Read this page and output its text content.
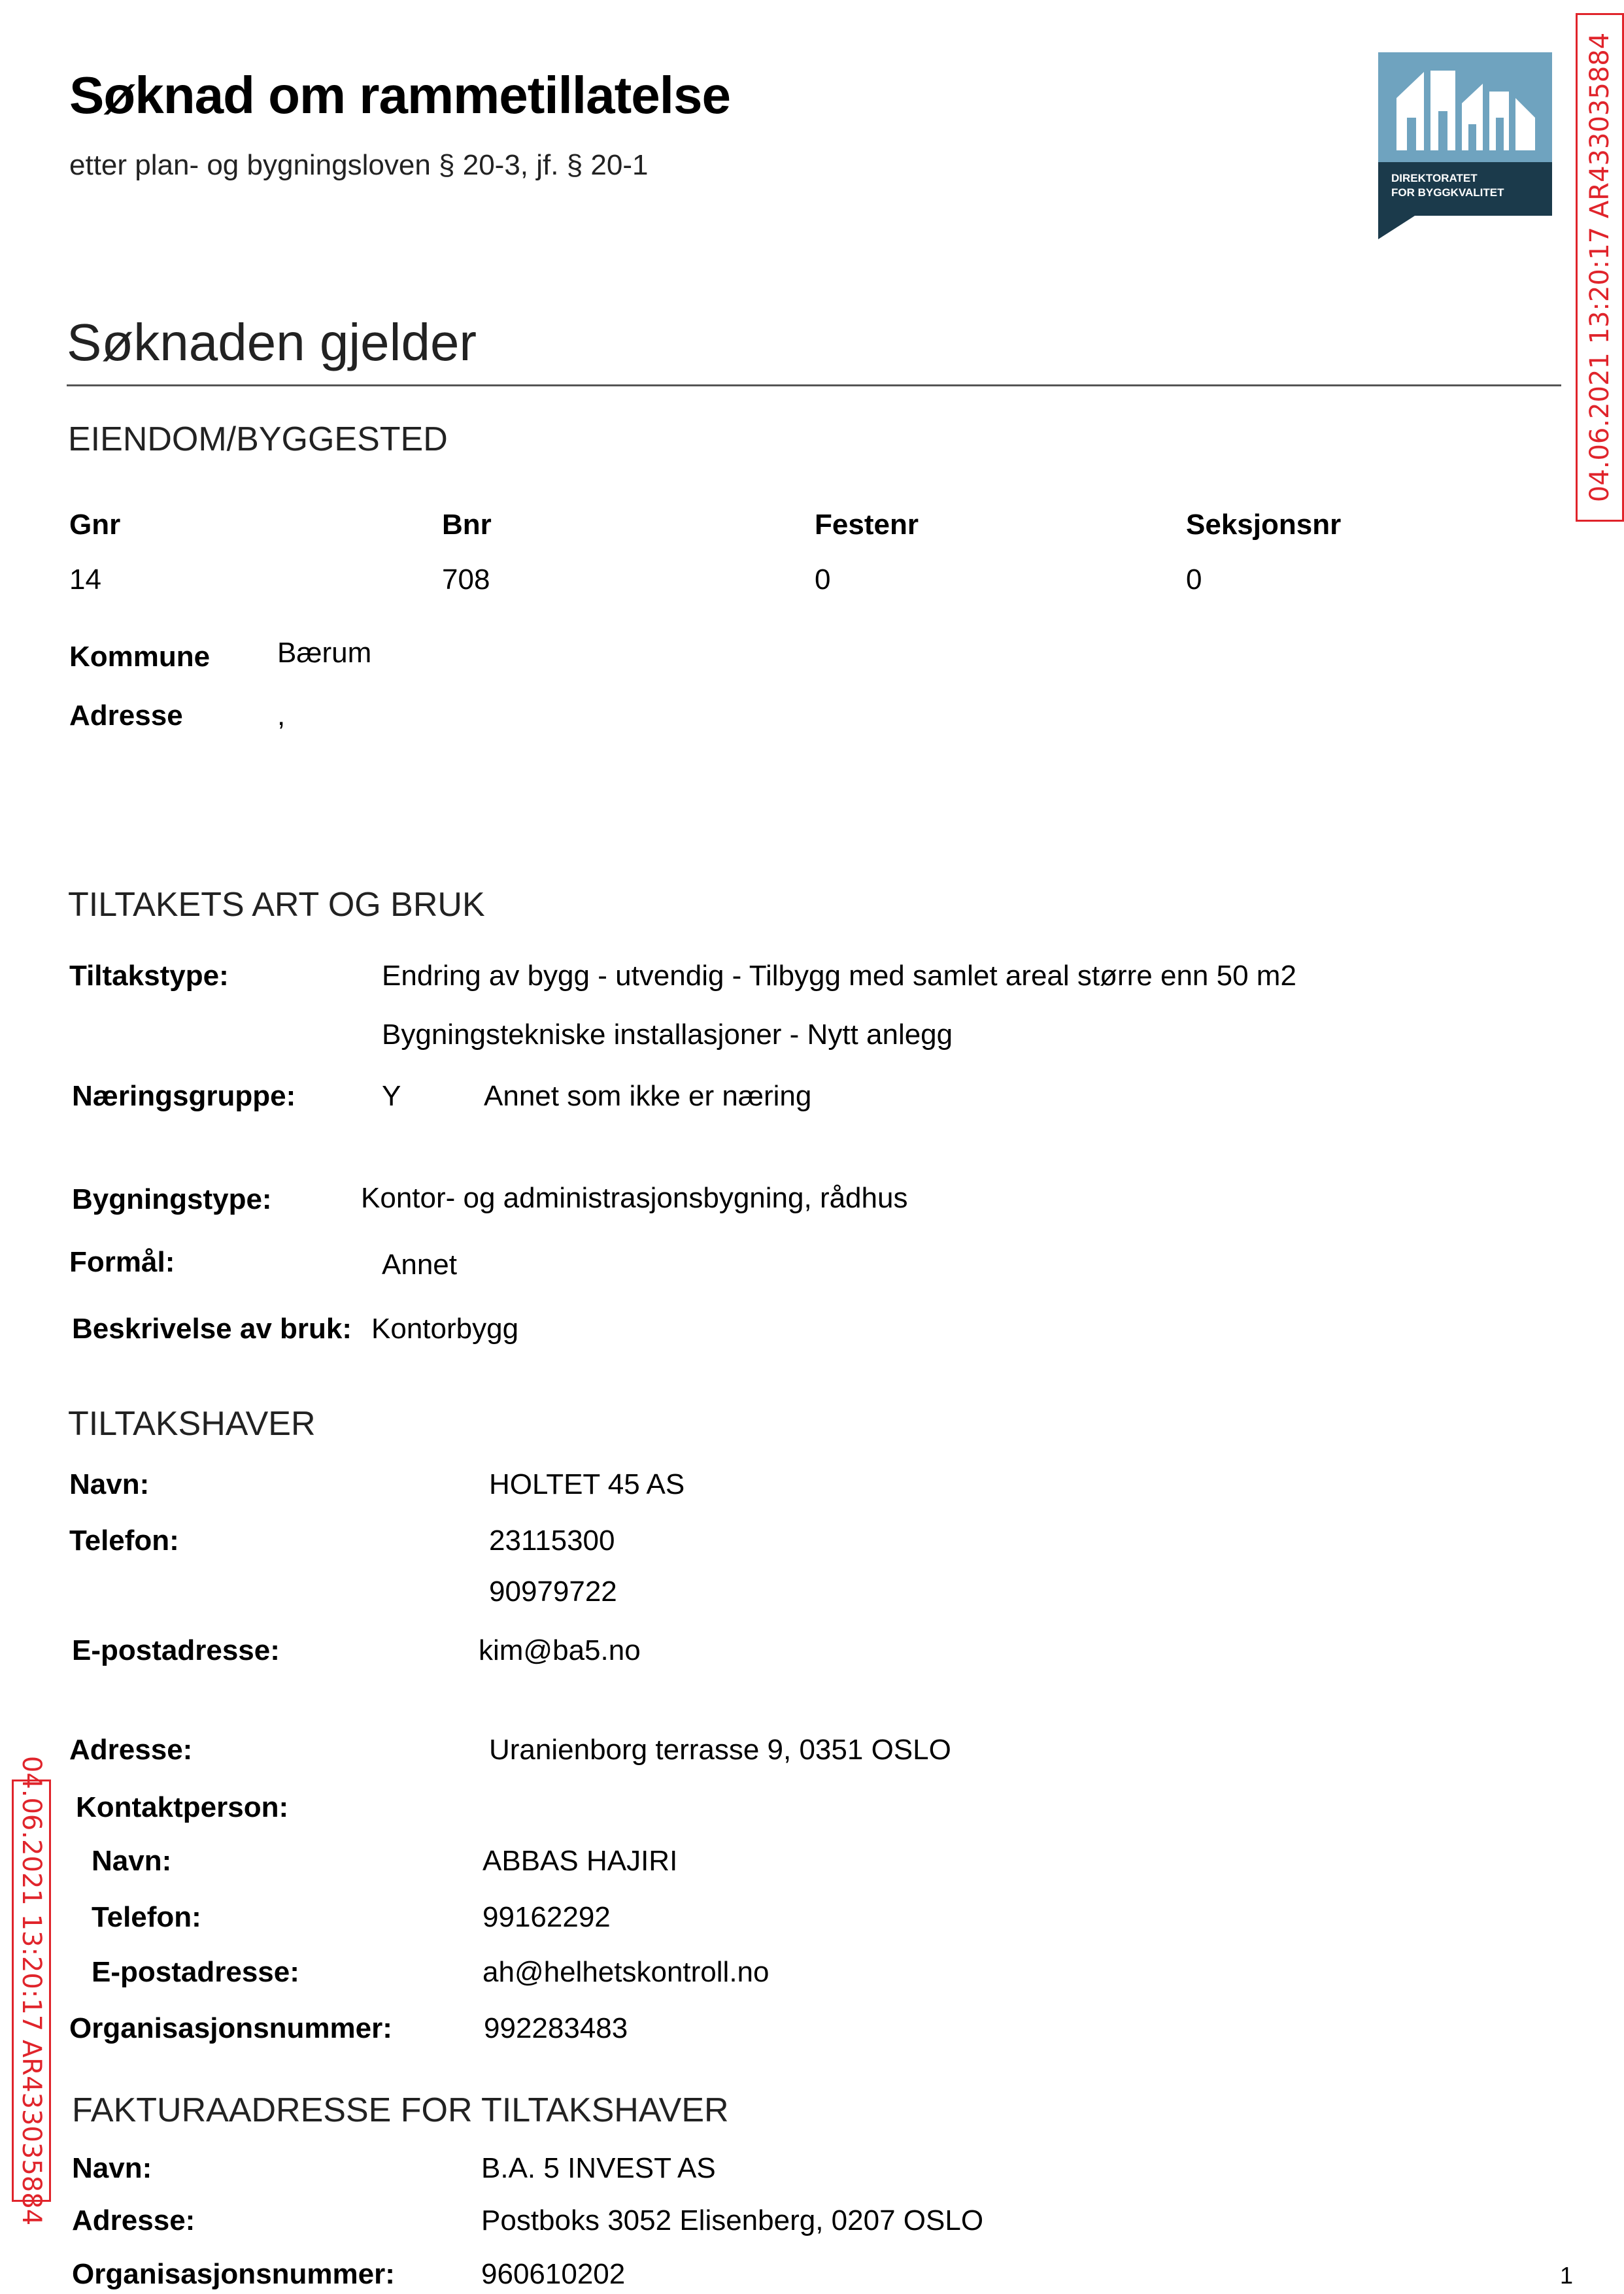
Søknad om rammetillatelse
etter plan- og bygningsloven § 20-3, jf. § 20-1	DIREKTORATET
FOR BYGGKVALITET	04.06.2021 13:20:17 AR433035884
04.06.2021 13:20:17 AR433035884
Søknaden gjelder
EIENDOM/BYGGESTED
Gnr	Bnr	Festenr	Seksjonsnr
14	708	0	0
Kommune Bærum
Adresse	,
TILTAKETS ART OG BRUK
Tiltakstype:	Endring av bygg - utvendig - Tilbygg med samlet areal større enn 50 m2
Bygningstekniske installasjoner - Nytt anlegg
Næringsgruppe:	Y	Annet som ikke er næring
Bygningstype:	Kontor- og administrasjonsbygning, rådhus
Formål:	Annet
Beskrivelse av bruk: Kontorbygg
TILTAKSHAVER
Navn:	HOLTET 45 AS
Telefon:	23115300
90979722
E-postadresse:	kim@ba5.no
Adresse:	Uranienborg terrasse 9, 0351 OSLO
Kontaktperson:
Navn:	ABBAS HAJIRI
Telefon:	99162292
E-postadresse:	ah@helhetskontroll.no
Organisasjonsnummer:	992283483
FAKTURAADRESSE FOR TILTAKSHAVER
Navn:	B.A. 5 INVEST AS
Adresse:	Postboks 3052 Elisenberg, 0207 OSLO
Organisasjonsnummer:	960610202	1
